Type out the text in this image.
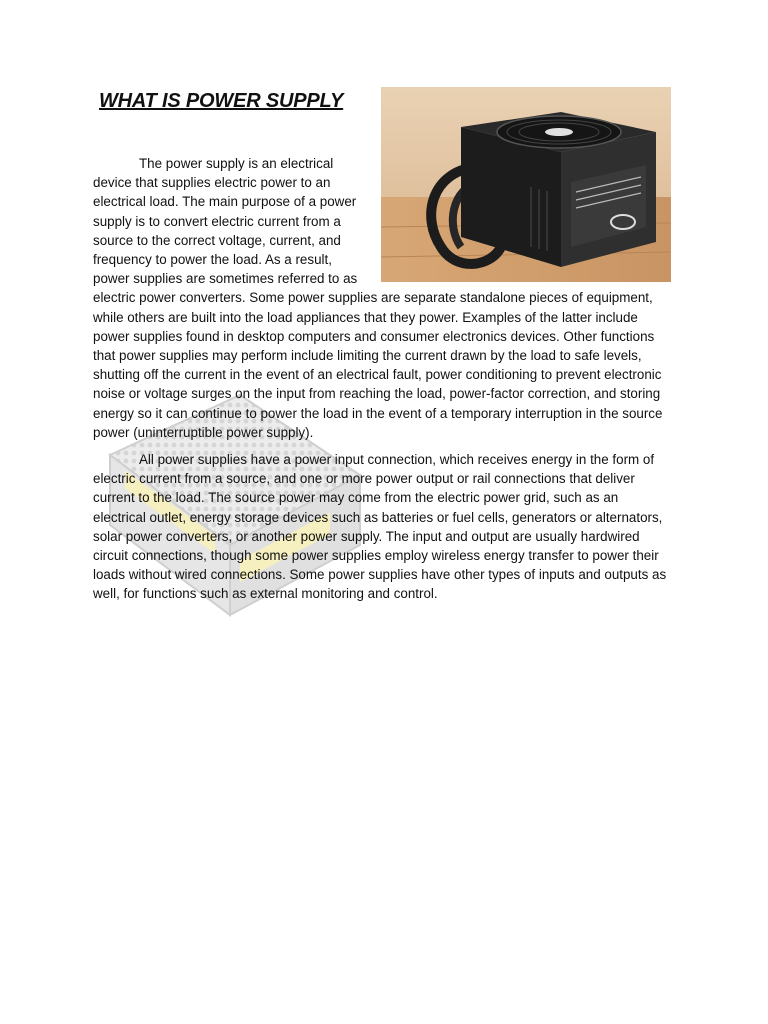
WHAT IS POWER SUPPLY

The power supply is an electrical device that supplies electric power to an electrical load. The main purpose of a power supply is to convert electric current from a source to the correct voltage, current, and frequency to power the load. As a result, power supplies are sometimes referred to as electric power converters. Some power supplies are separate standalone pieces of equipment, while others are built into the load appliances that they power. Examples of the latter include power supplies found in desktop computers and consumer electronics devices. Other functions that power supplies may perform include limiting the current drawn by the load to safe levels, shutting off the current in the event of an electrical fault, power conditioning to prevent electronic noise or voltage surges on the input from reaching the load, power-factor correction, and storing energy so it can continue to power the load in the event of a temporary interruption in the source power (uninterruptible power supply).

All power supplies have a power input connection, which receives energy in the form of electric current from a source, and one or more power output or rail connections that deliver current to the load. The source power may come from the electric power grid, such as an electrical outlet, energy storage devices such as batteries or fuel cells, generators or alternators, solar power converters, or another power supply. The input and output are usually hardwired circuit connections, though some power supplies employ wireless energy transfer to power their loads without wired connections. Some power supplies have other types of inputs and outputs as well, for functions such as external monitoring and control.
